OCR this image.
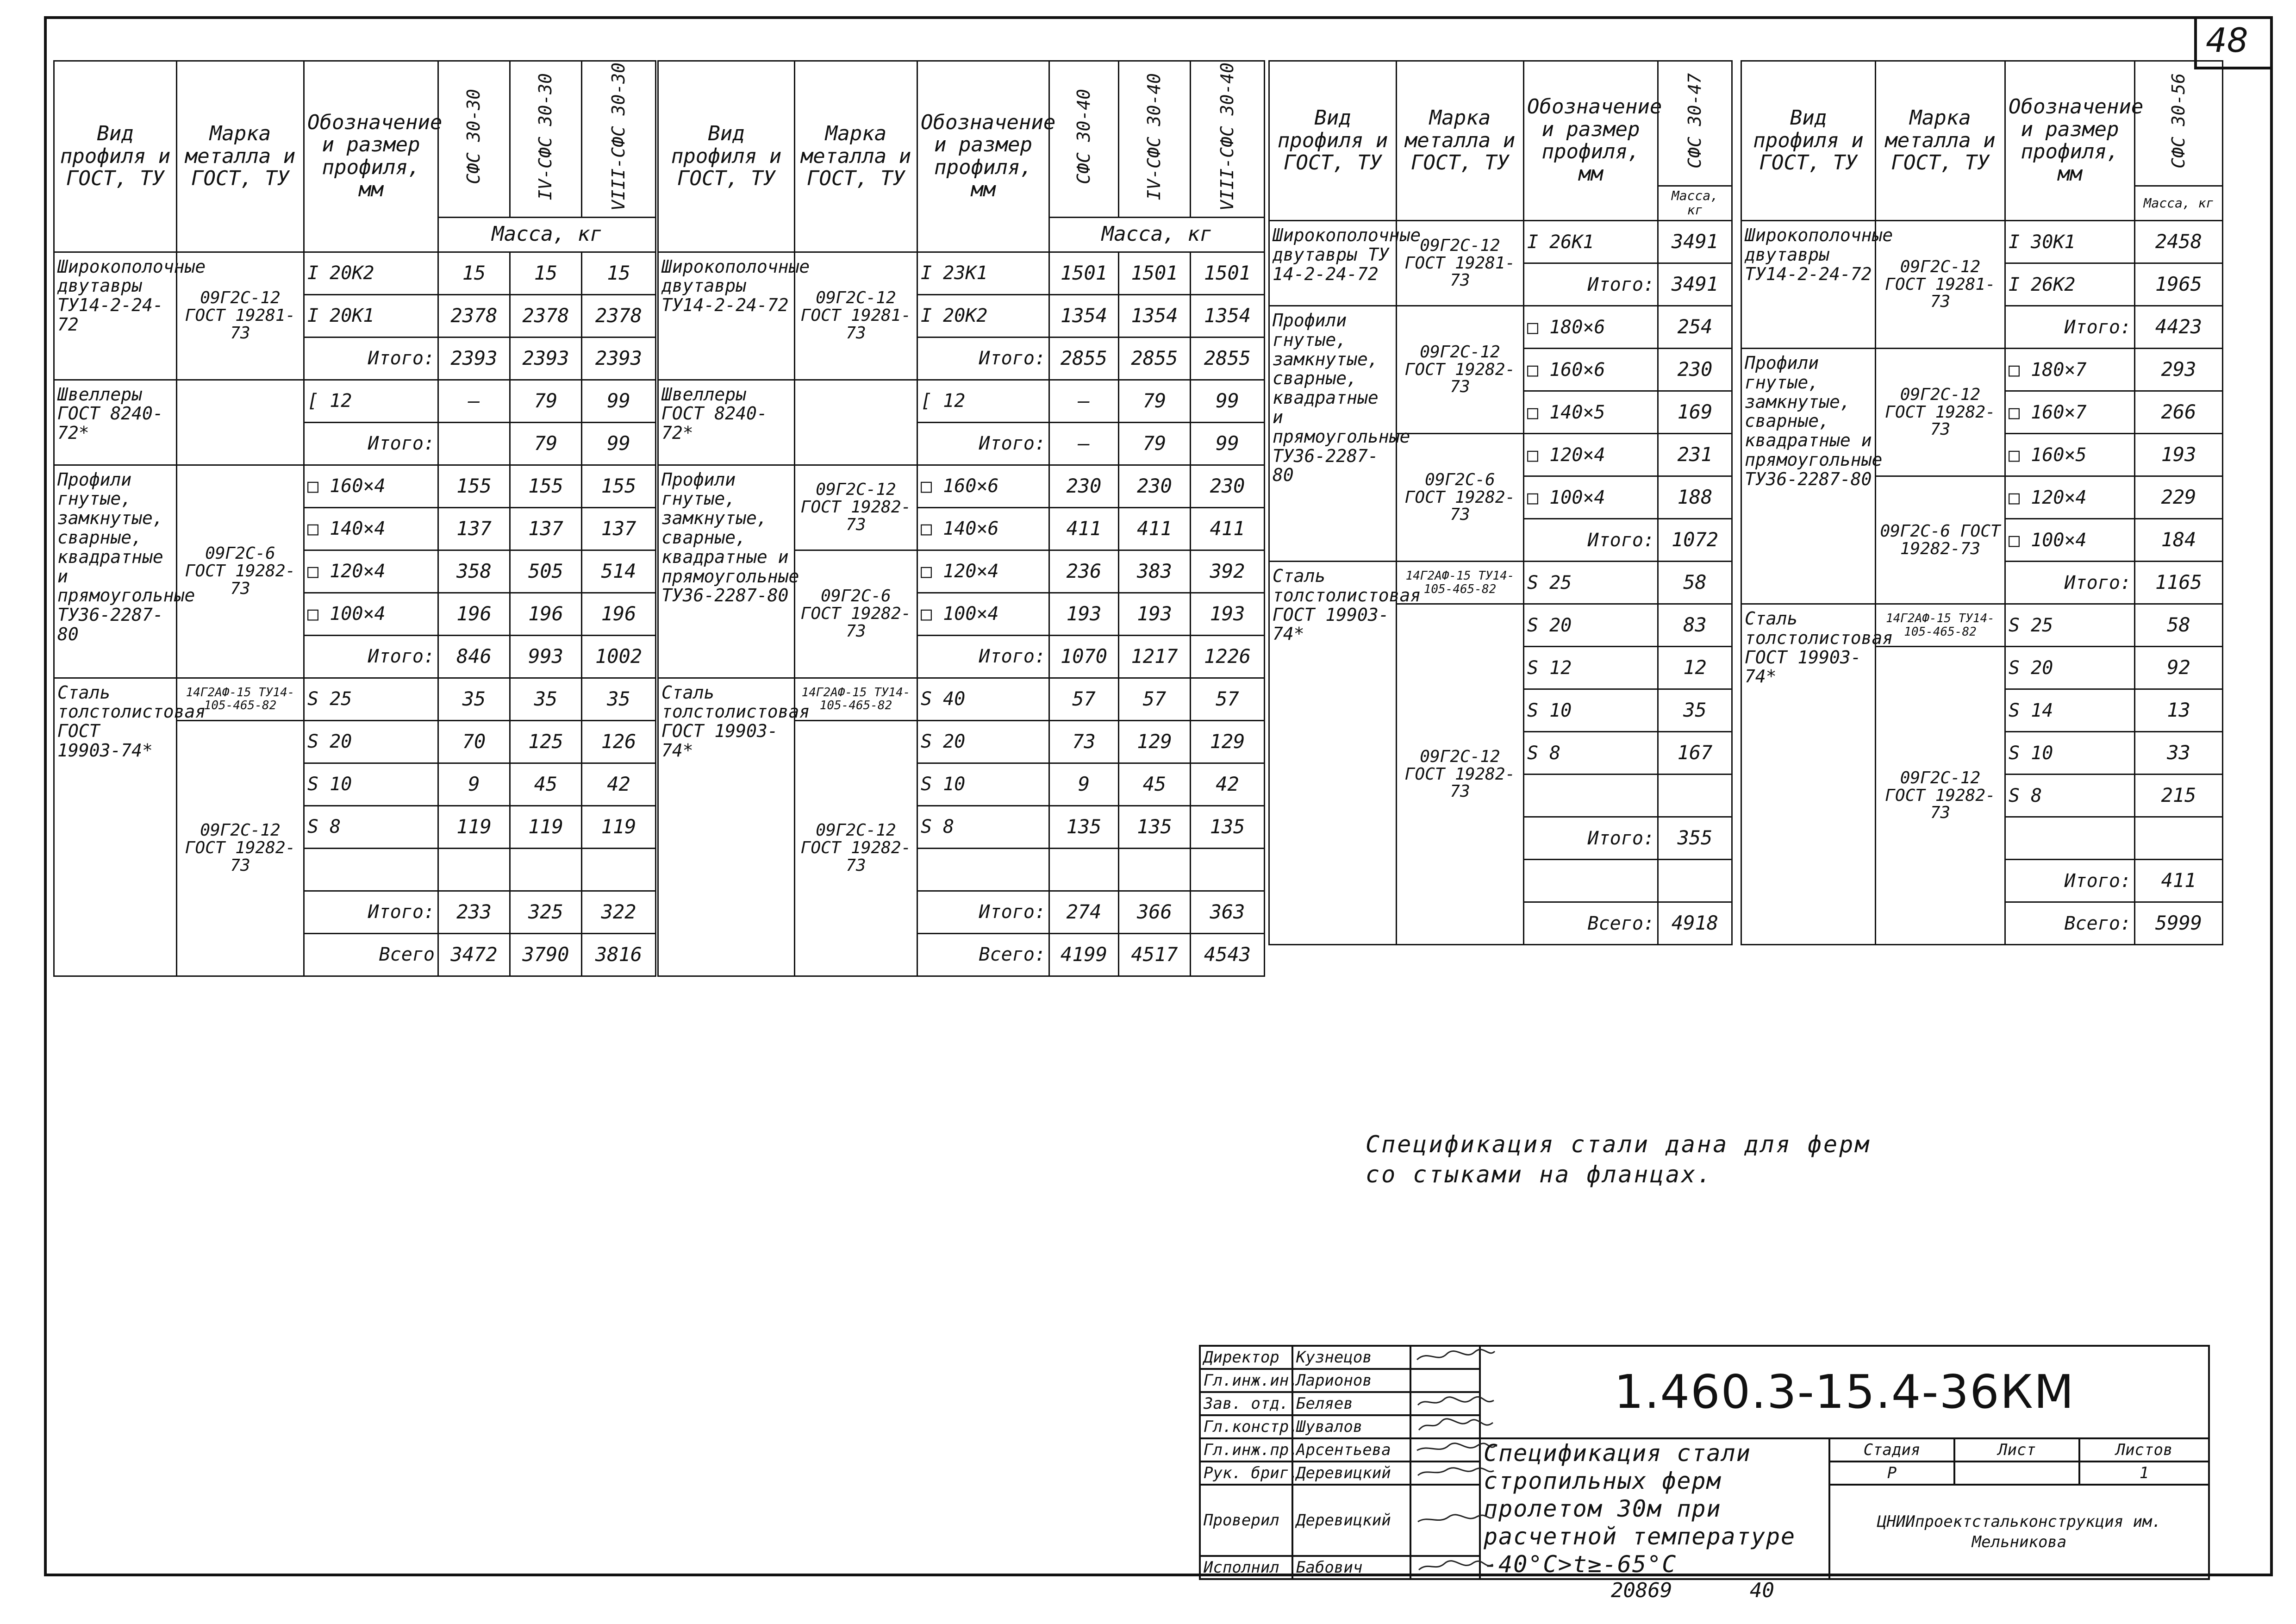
48
Вид профиля и ГОСТ, ТУ	Марка металла и ГОСТ, ТУ	Обозначение и размер профиля, мм	СФС 30-30	IV-СФС 30-30	VIII-СФС 30-30
			Масса, кг		
Широкополочные двутавры ТУ14-2-24-72	09Г2С-12 ГОСТ 19281-73	I 20К2	15	15	15
		I 20К1	2378	2378	2378
		Итого:	2393	2393	2393
Швеллеры ГОСТ 8240-72*		[ 12	—	79	99
		Итого:		79	99
Профили гнутые, замкнутые, сварные, квадратные и прямоугольные ТУ36-2287-80	09Г2С-6 ГОСТ 19282-73	□ 160×4	155	155	155
		□ 140×4	137	137	137
		□ 120×4	358	505	514
		□ 100×4	196	196	196
		Итого:	846	993	1002
Сталь толстолистовая ГОСТ 19903-74*	14Г2АФ-15 ТУ14-105-465-82	S 25	35	35	35
	09Г2С-12 ГОСТ 19282-73	S 20	70	125	126
		S 10	9	45	42
		S 8	119	119	119

		Итого:	233	325	322
		Всего	3472	3790	3816
Вид профиля и ГОСТ, ТУ	Марка металла и ГОСТ, ТУ	Обозначение и размер профиля, мм	СФС 30-40	IV-СФС 30-40	VIII-СФС 30-40
			Масса, кг		
Широкополочные двутавры ТУ14-2-24-72	09Г2С-12 ГОСТ 19281-73	I 23К1	1501	1501	1501
		I 20К2	1354	1354	1354
		Итого:	2855	2855	2855
Швеллеры ГОСТ 8240-72*		[ 12	—	79	99
		Итого:	—	79	99
Профили гнутые, замкнутые, сварные, квадратные и прямоугольные ТУ36-2287-80	09Г2С-12 ГОСТ 19282-73	□ 160×6	230	230	230
		□ 140×6	411	411	411
	09Г2С-6 ГОСТ 19282-73	□ 120×4	236	383	392
		□ 100×4	193	193	193
		Итого:	1070	1217	1226
Сталь толстолистовая ГОСТ 19903-74*	14Г2АФ-15 ТУ14-105-465-82	S 40	57	57	57
	09Г2С-12 ГОСТ 19282-73	S 20	73	129	129
		S 10	9	45	42
		S 8	135	135	135

		Итого:	274	366	363
		Всего:	4199	4517	4543
Вид профиля и ГОСТ, ТУ	Марка металла и ГОСТ, ТУ	Обозначение и размер профиля, мм	СФС 30-47
			Масса, кг
Широкополочные двутавры ТУ 14-2-24-72	09Г2С-12 ГОСТ 19281-73	I 26К1	3491
		Итого:	3491
Профили гнутые, замкнутые, сварные, квадратные и прямоугольные ТУ36-2287-80	09Г2С-12 ГОСТ 19282-73	□ 180×6	254
		□ 160×6	230
		□ 140×5	169
	09Г2С-6 ГОСТ 19282-73	□ 120×4	231
		□ 100×4	188
		Итого:	1072
Сталь толстолистовая ГОСТ 19903-74*	14Г2АФ-15 ТУ14-105-465-82	S 25	58
	09Г2С-12 ГОСТ 19282-73	S 20	83
		S 12	12
		S 10	35
		S 8	167

		Итого:	355

		Всего:	4918
Вид профиля и ГОСТ, ТУ	Марка металла и ГОСТ, ТУ	Обозначение и размер профиля, мм	СФС 30-56
			Масса, кг
Широкополочные двутавры ТУ14-2-24-72	09Г2С-12 ГОСТ 19281-73	I 30К1	2458
		I 26К2	1965
		Итого:	4423
Профили гнутые, замкнутые, сварные, квадратные и прямоугольные ТУ36-2287-80	09Г2С-12 ГОСТ 19282-73	□ 180×7	293
		□ 160×7	266
		□ 160×5	193
	09Г2С-6 ГОСТ 19282-73	□ 120×4	229
		□ 100×4	184
		Итого:	1165
Сталь толстолистовая ГОСТ 19903-74*	14Г2АФ-15 ТУ14-105-465-82	S 25	58
	09Г2С-12 ГОСТ 19282-73	S 20	92
		S 14	13
		S 10	33
		S 8	215

		Итого:	411
		Всего:	5999
Спецификация стали дана для ферм
со стыками на фланцах.
Директор	Кузнецов		1.460.3-15.4-36КМ			
Гл.инж.ин.	Ларионов					
Зав. отд.	Беляев	
Гл.констр.	Шувалов	
Гл.инж.пр.	Арсентьева		Спецификация стали стропильных ферм пролетом 30м при расчетной температуре -40°С>t≥-65°С	Стадия	Лист	Листов
Рук. бриг.	Деревицкий			Р		1
Проверил	Деревицкий			ЦНИИпроектстальконструкция им. Мельникова		
Исполнил	Бабович	
20869	40
